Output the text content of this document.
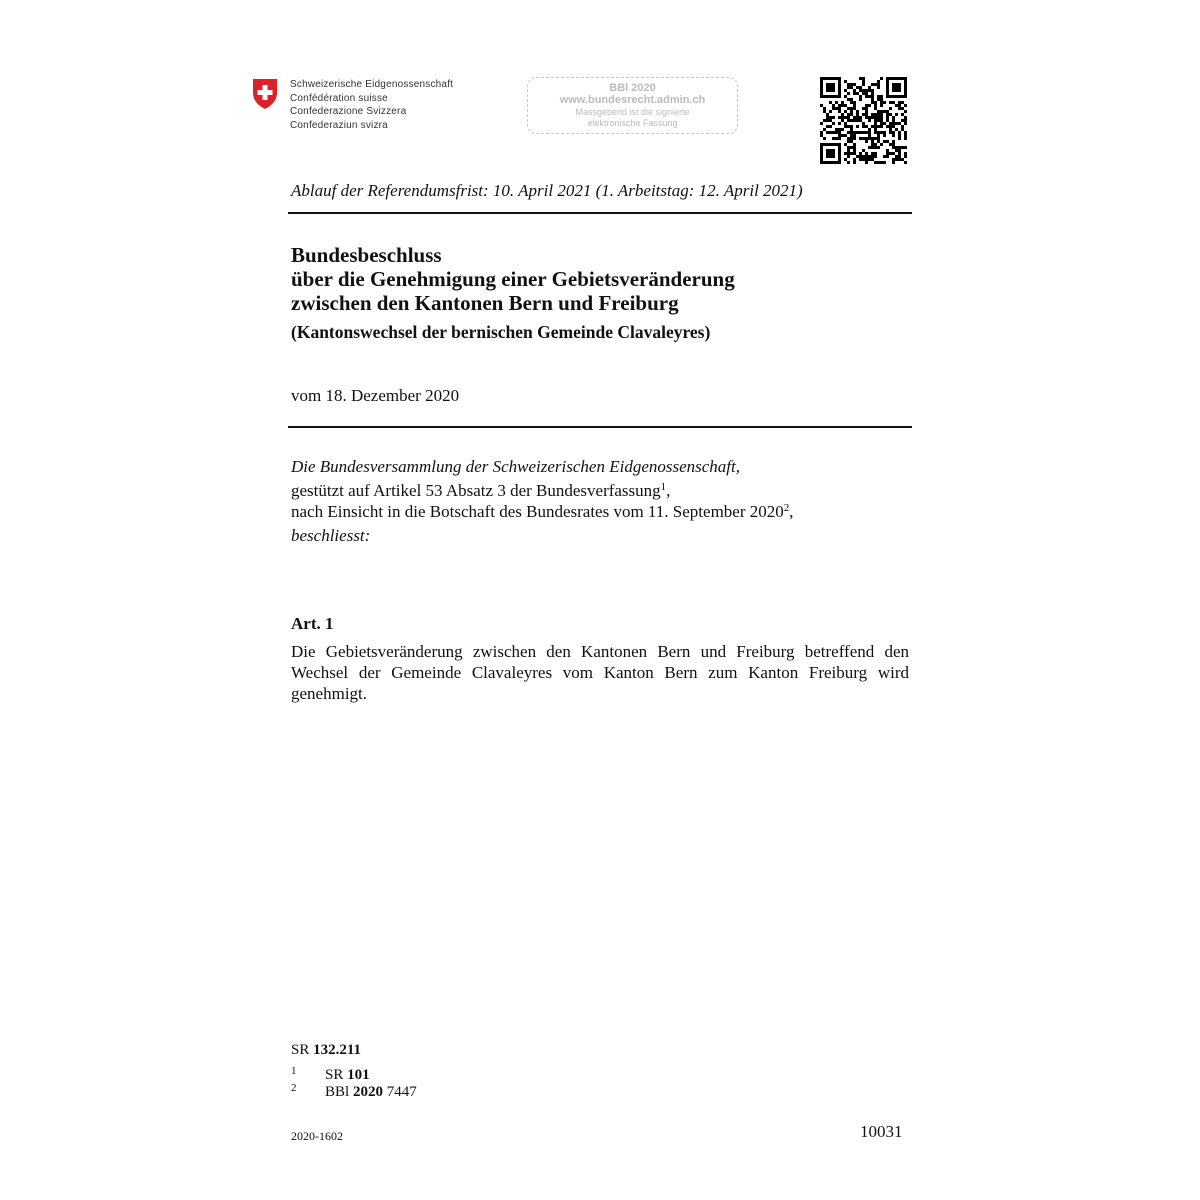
Schweizerische Eidgenossenschaft
Confédération suisse
Confederazione Svizzera
Confederaziun svizra
BBl 2020
www.bundesrecht.admin.ch
Massgebend ist die signierte
elektronische Fassung
Ablauf der Referendumsfrist: 10. April 2021 (1. Arbeitstag: 12. April 2021)
Bundesbeschluss
über die Genehmigung einer Gebietsveränderung
zwischen den Kantonen Bern und Freiburg
(Kantonswechsel der bernischen Gemeinde Clavaleyres)
vom 18. Dezember 2020
Die Bundesversammlung der Schweizerischen Eidgenossenschaft,
gestützt auf Artikel 53 Absatz 3 der Bundesverfassung$^1$,
nach Einsicht in die Botschaft des Bundesrates vom 11. September 2020$^2$,
beschliesst:
Art. 1
Die Gebietsveränderung zwischen den Kantonen Bern und Freiburg betreffend den Wechsel der Gemeinde Clavaleyres vom Kanton Bern zum Kanton Freiburg wird genehmigt.
SR 132.211
1 SR 101
2 BBl 2020 7447
2020-1602	10031
